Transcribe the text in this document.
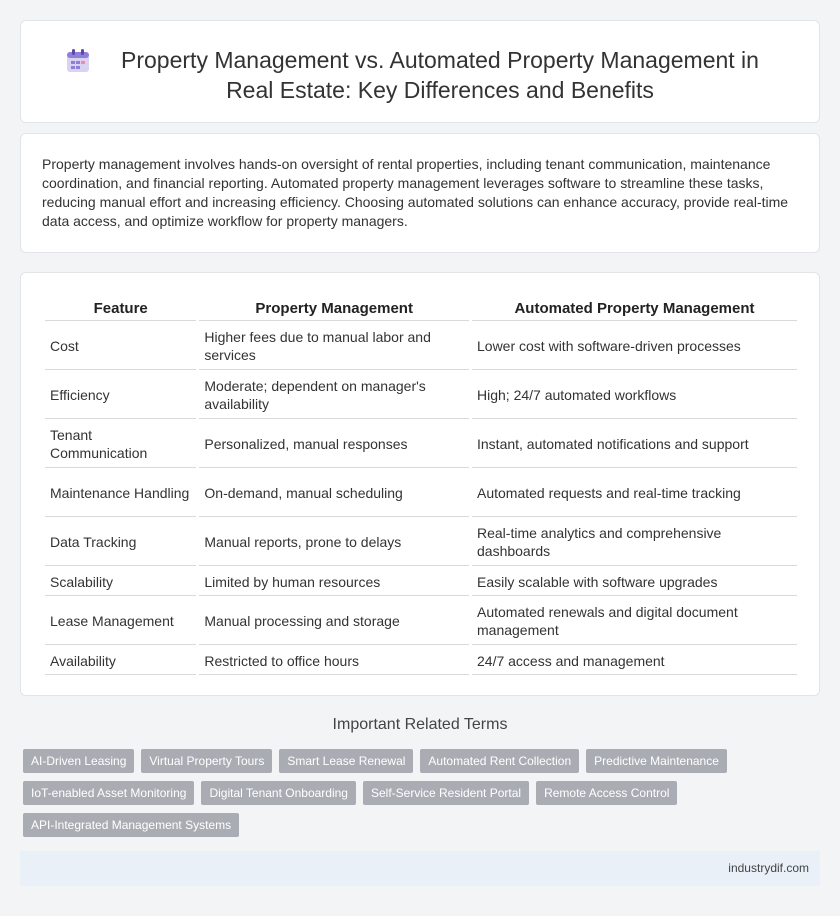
Property Management vs. Automated Property Management in Real Estate: Key Differences and Benefits

Property management involves hands-on oversight of rental properties, including tenant communication, maintenance coordination, and financial reporting. Automated property management leverages software to streamline these tasks, reducing manual effort and increasing efficiency. Choosing automated solutions can enhance accuracy, provide real-time data access, and optimize workflow for property managers.

Feature	Property Management	Automated Property Management
Cost	Higher fees due to manual labor and services	Lower cost with software-driven processes
Efficiency	Moderate; dependent on manager's availability	High; 24/7 automated workflows
Tenant Communication	Personalized, manual responses	Instant, automated notifications and support
Maintenance Handling	On-demand, manual scheduling	Automated requests and real-time tracking
Data Tracking	Manual reports, prone to delays	Real-time analytics and comprehensive dashboards
Scalability	Limited by human resources	Easily scalable with software upgrades
Lease Management	Manual processing and storage	Automated renewals and digital document management
Availability	Restricted to office hours	24/7 access and management
Important Related Terms
AI-Driven Leasing	Virtual Property Tours	Smart Lease Renewal	Automated Rent Collection	Predictive Maintenance
IoT-enabled Asset Monitoring	Digital Tenant Onboarding	Self-Service Resident Portal	Remote Access Control
API-Integrated Management Systems
industrydif.com
